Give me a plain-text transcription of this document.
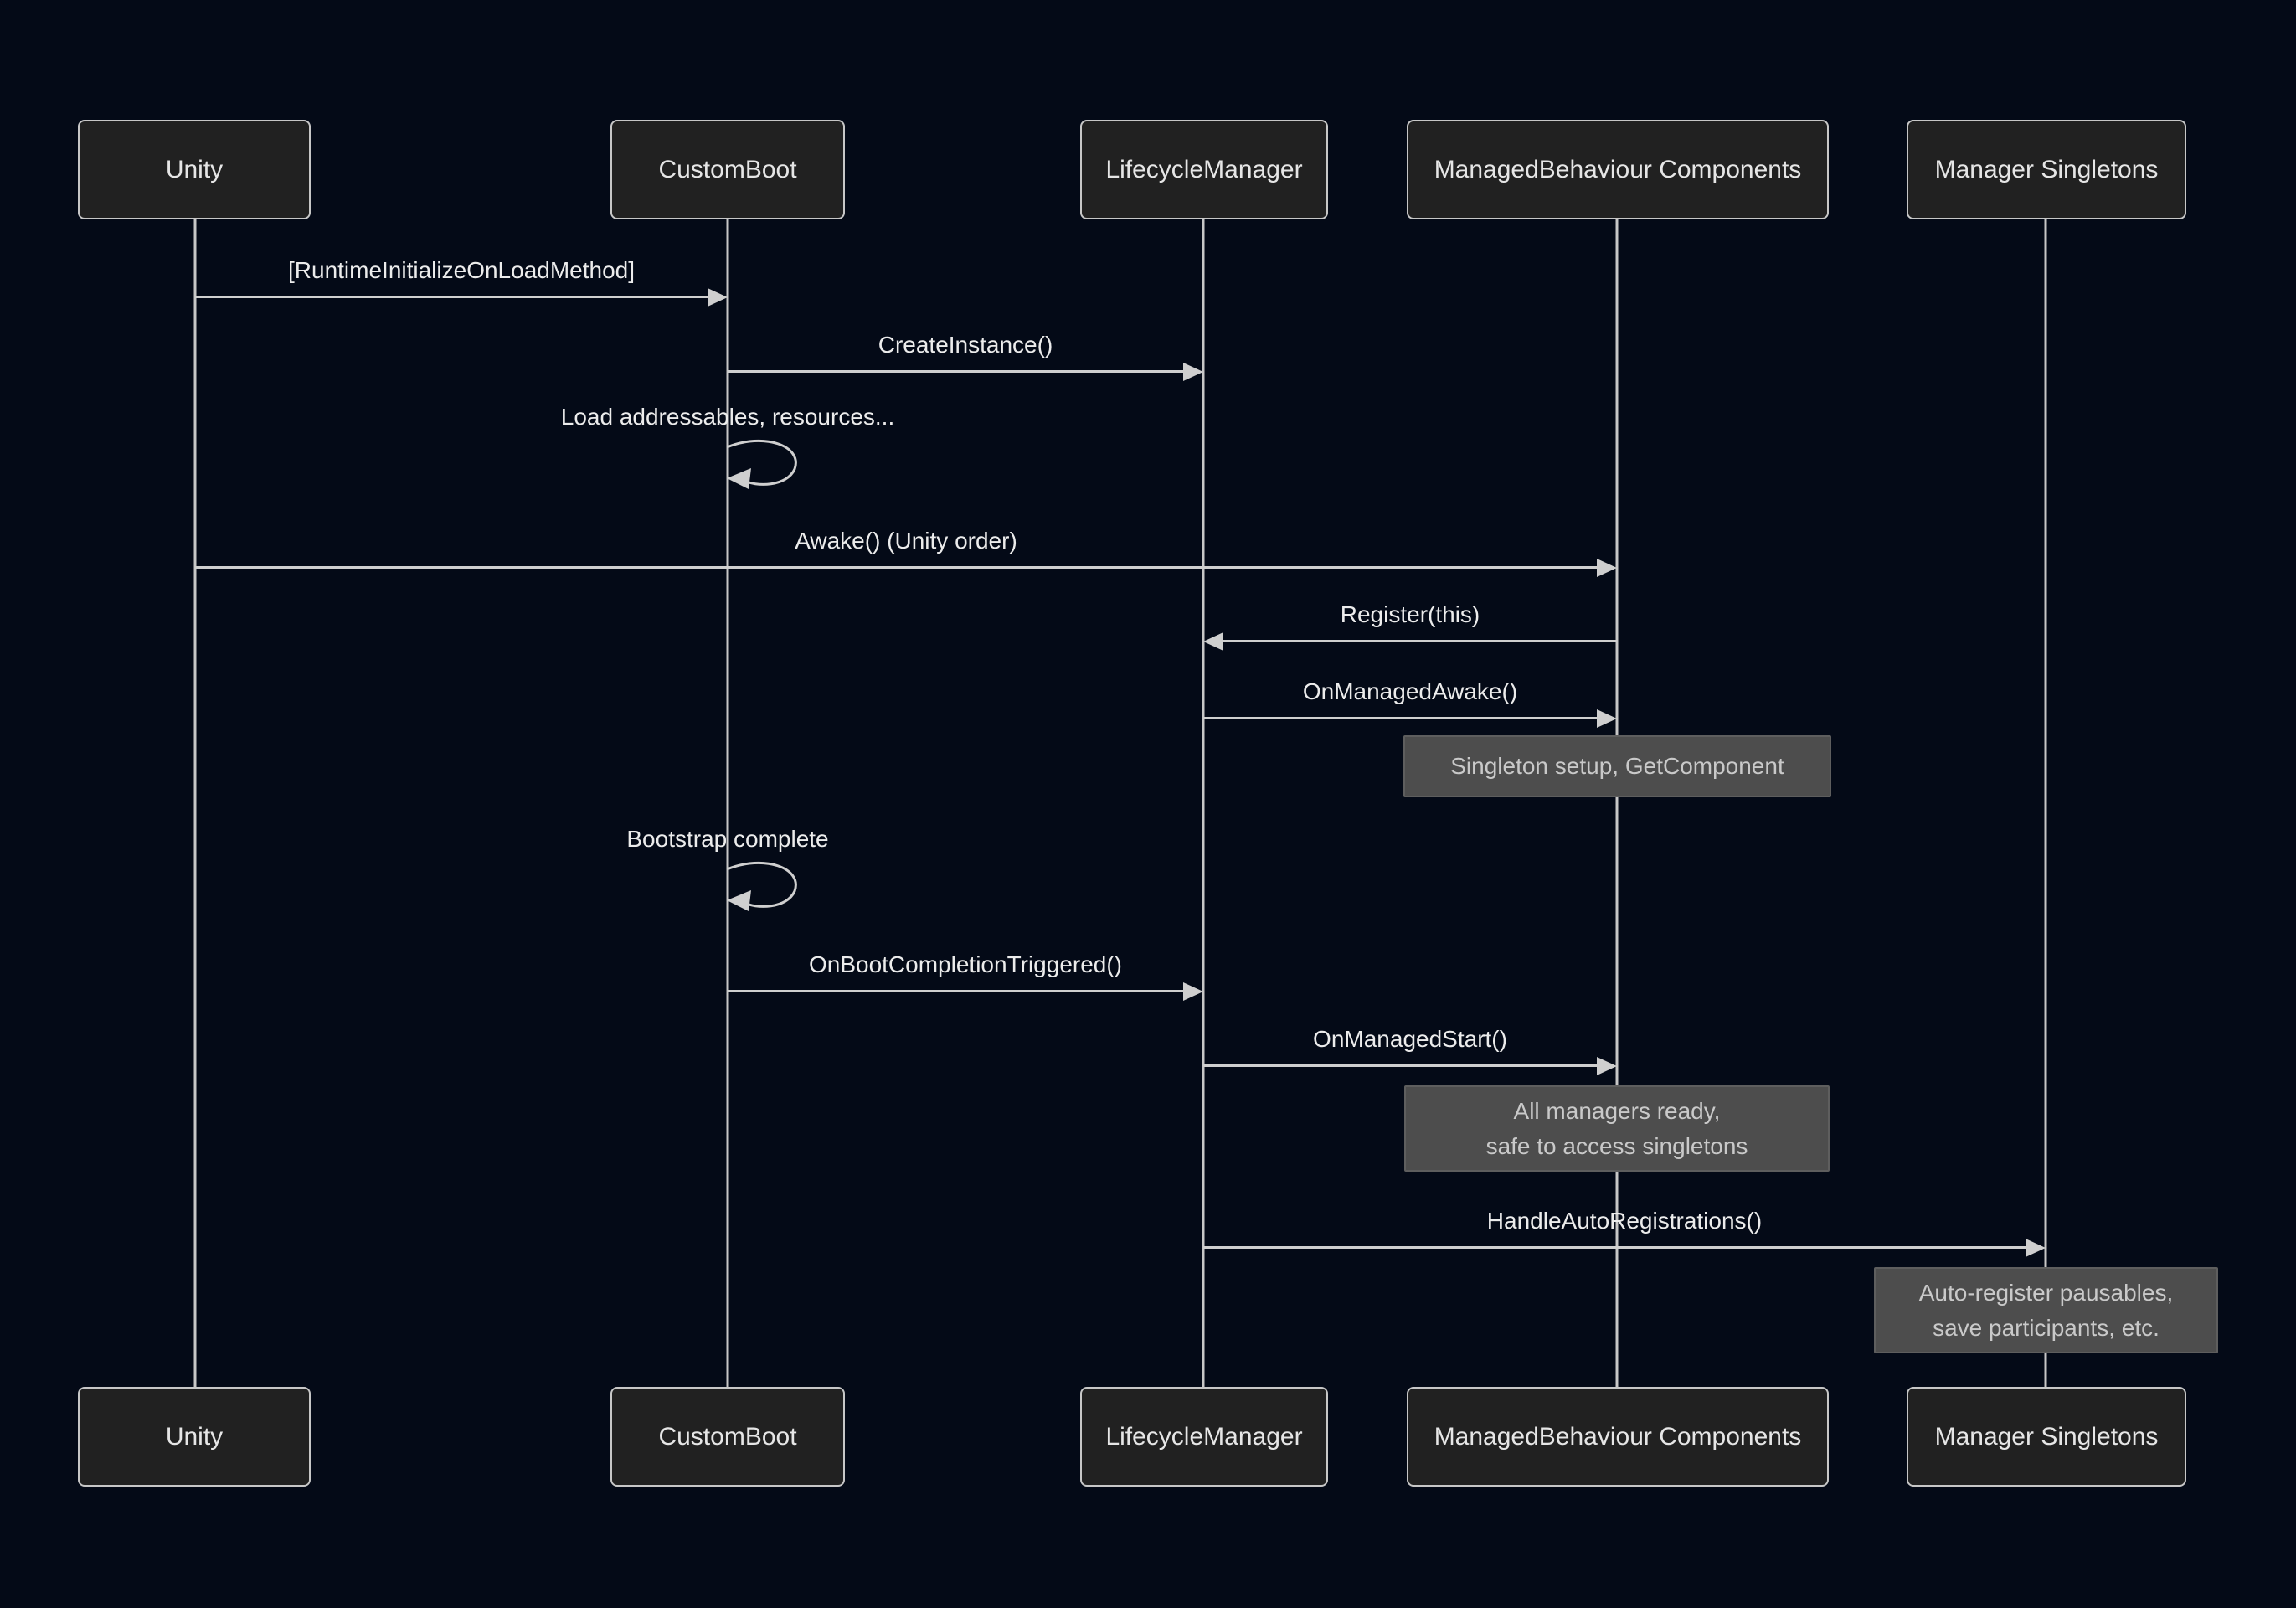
Unity	CustomBoot	LifecycleManager	ManagedBehaviour Components	Manager Singletons
[RuntimeInitializeOnLoadMethod]
CreateInstance()
Load addressables, resources...
Awake() (Unity order)
Register(this)
OnManagedAwake()
Singleton setup, GetComponent
Bootstrap complete
OnBootCompletionTriggered()
OnManagedStart()
All managers ready,
safe to access singletons
HandleAutoRegistrations()
Auto-register pausables,
save participants, etc.
Unity	CustomBoot	LifecycleManager	ManagedBehaviour Components	Manager Singletons
